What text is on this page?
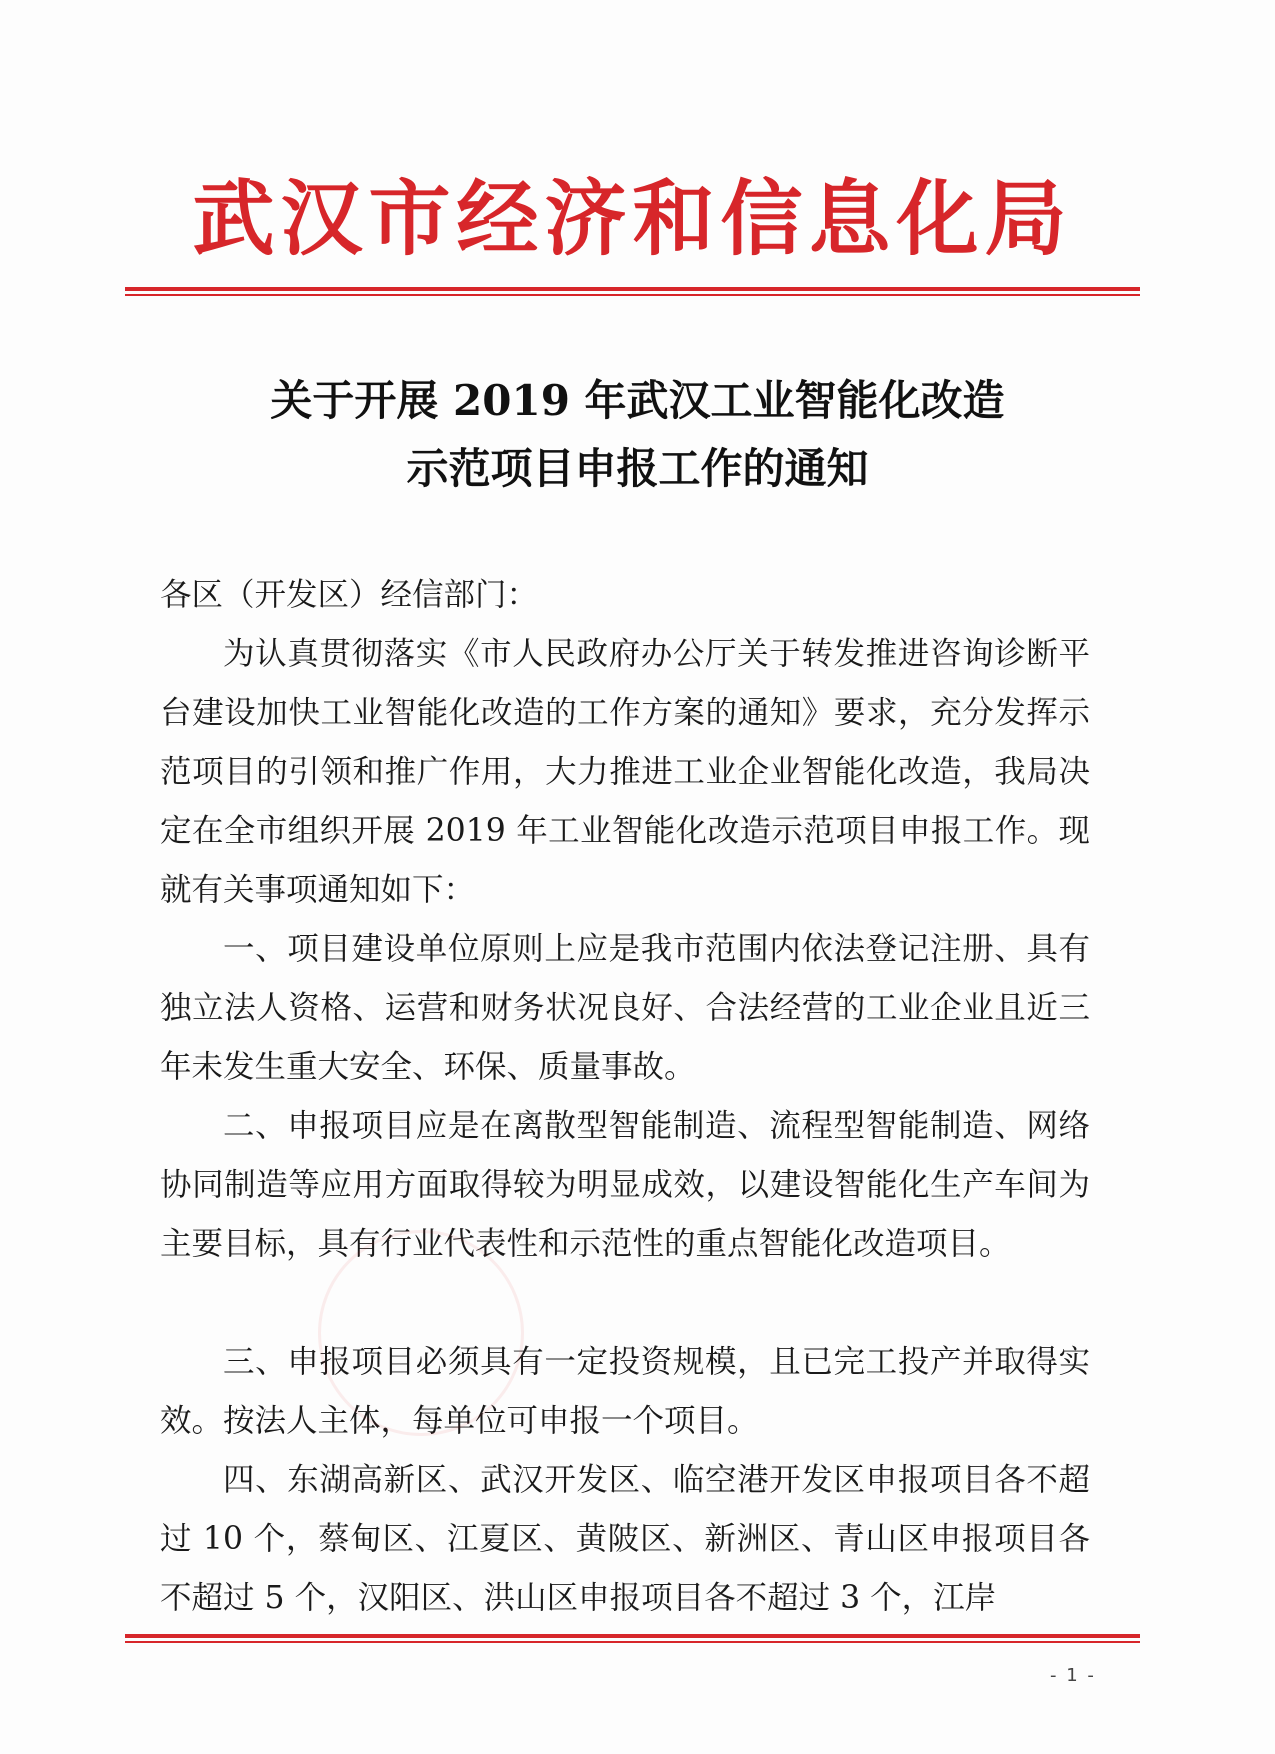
武汉市经济和信息化局
关于开展 2019 年武汉工业智能化改造
示范项目申报工作的通知
各区（开发区）经信部门：
为认真贯彻落实《市人民政府办公厅关于转发推进咨询诊断平台建设加快工业智能化改造的工作方案的通知》要求，充分发挥示范项目的引领和推广作用，大力推进工业企业智能化改造，我局决定在全市组织开展 2019 年工业智能化改造示范项目申报工作。现就有关事项通知如下：
一、项目建设单位原则上应是我市范围内依法登记注册、具有独立法人资格、运营和财务状况良好、合法经营的工业企业且近三年未发生重大安全、环保、质量事故。
二、申报项目应是在离散型智能制造、流程型智能制造、网络协同制造等应用方面取得较为明显成效，以建设智能化生产车间为主要目标，具有行业代表性和示范性的重点智能化改造项目。
三、申报项目必须具有一定投资规模，且已完工投产并取得实效。按法人主体，每单位可申报一个项目。
四、东湖高新区、武汉开发区、临空港开发区申报项目各不超过 10 个，蔡甸区、江夏区、黄陂区、新洲区、青山区申报项目各不超过 5 个，汉阳区、洪山区申报项目各不超过 3 个，江岸
- 1 -
